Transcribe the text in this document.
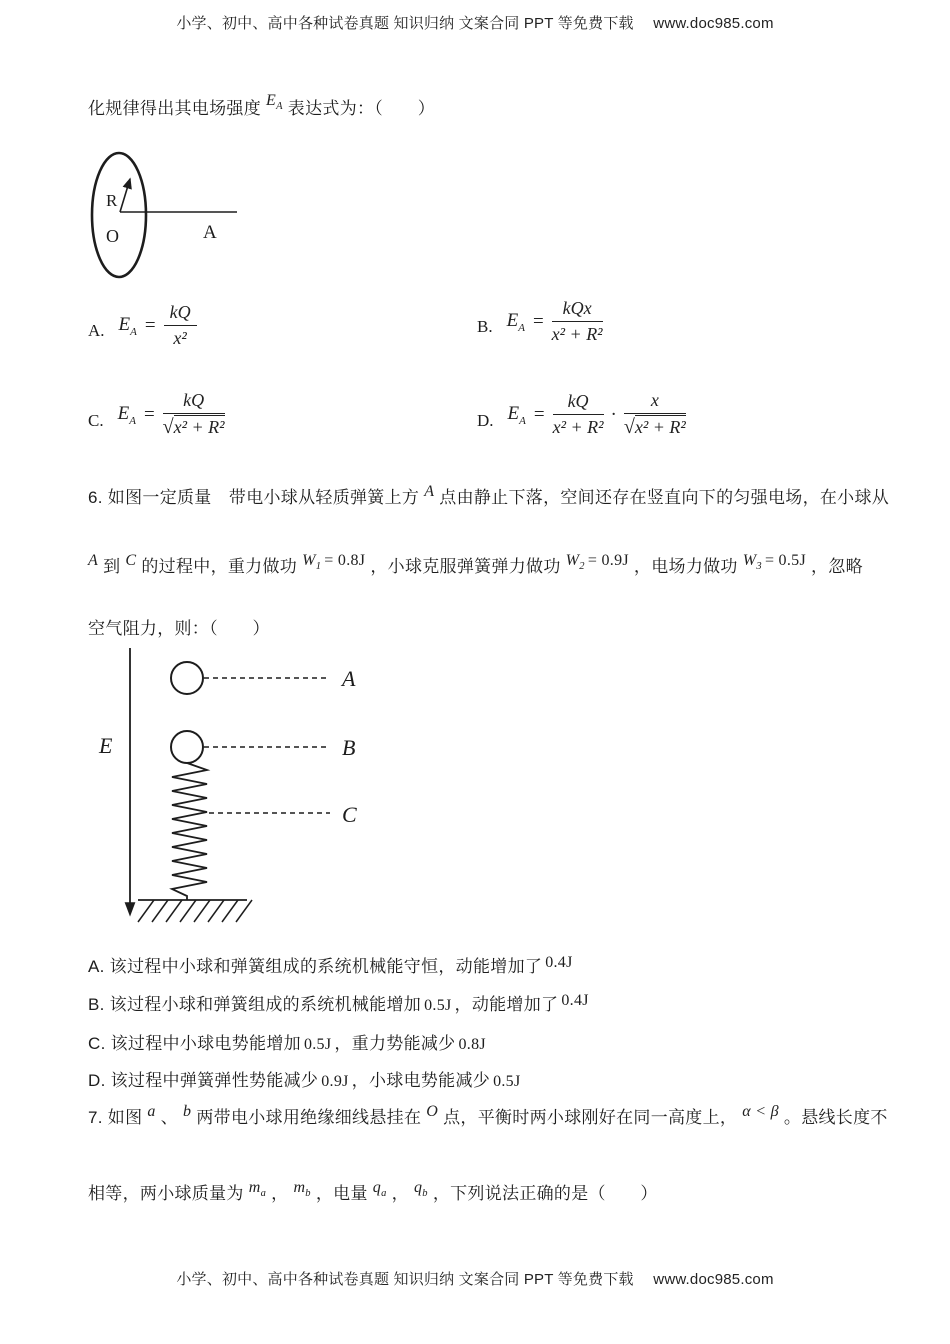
小学、初中、高中各种试卷真题 知识归纳 文案合同 PPT 等免费下载　 www.doc985.com
化规律得出其电场强度 $E_A$ 表达式为：（　　）
R
O	A
A. $E_A = \frac{kQ}{\text{x²}}$	B. $E_A = \frac{\text{kQx}}{\text{x² + R²}}$
C. $E_A = \frac{kQ}{\text{√x² + R²}}$	D. $E_A = \frac{kQ}{\text{x² + R²}} \cdot \frac{x}{\text{√x² + R²}}$
6. 如图一定质量　带电小球从轻质弹簧上方 A 点由静止下落，空间还存在竖直向下的匀强电场，在小球从
A 到 C 的过程中，重力做功 $W_1 = 0.8J$ ，小球克服弹簧弹力做功 $W_2 = 0.9J$ ，电场力做功 $W_3 = 0.5J$ ，忽略
空气阻力，则：（　　）
E
A
B
C
A. 该过程中小球和弹簧组成的系统机械能守恒，动能增加了 0.4J
B. 该过程小球和弹簧组成的系统机械能增加 0.5J ，动能增加了 0.4J
C. 该过程中小球电势能增加 0.5J ，重力势能减少 0.8J
D. 该过程中弹簧弹性势能减少 0.9J ，小球电势能减少 0.5J
7. 如图 a 、 b 两带电小球用绝缘细线悬挂在 O 点，平衡时两小球刚好在同一高度上， α < β 。悬线长度不
相等，两小球质量为 $m_a$ ， $m_b$ ，电量 $q_a$ ， $q_b$ ，下列说法正确的是（　　）
小学、初中、高中各种试卷真题 知识归纳 文案合同 PPT 等免费下载　 www.doc985.com
